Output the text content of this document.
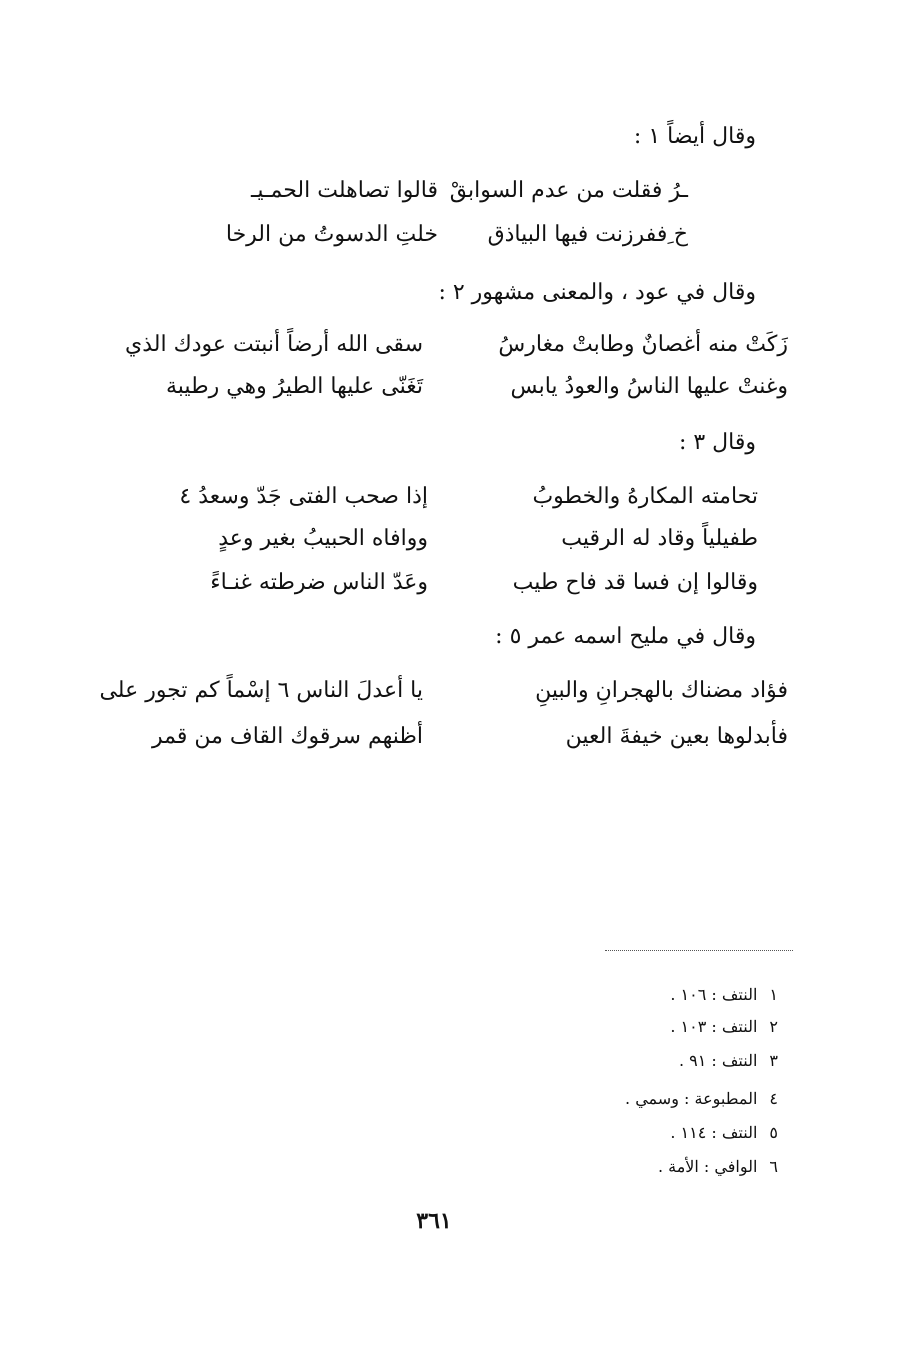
وقال أيضاً ١ :
قالوا تصاهلت الحمـيـ ـرُ فقلت من عدم السوابقْ
خلتِ الدسوتُ من الرخا خ ِففرزنت فيها البياذق
وقال في عود ، والمعنى مشهور ٢ :
سقى الله أرضاً أنبتت عودك الذي	زَكَتْ منه أغصانٌ وطابتْ مغارسُ
تَغَنّى عليها الطيرُ وهي رطيبة	وغنتْ عليها الناسُ والعودُ يابس
وقال ٣ :
إذا صحب الفتى جَدّ وسعدُ ٤	تحامته المكارهُ والخطوبُ
ووافاه الحبيبُ بغير وعدٍ	طفيلياً وقاد له الرقيب
وعَدّ الناس ضرطته غنـاءً	وقالوا إن فسا قد فاح طيب
وقال في مليح اسمه عمر ٥ :
يا أعدلَ الناس ٦ إسْماً كم تجور على	فؤاد مضناك بالهجرانِ والبينِ
أظنهم سرقوك القاف من قمر	فأبدلوها بعين خيفةَ العين
١النتف : ١٠٦ .
٢النتف : ١٠٣ .
٣النتف : ٩١ .
٤المطبوعة : وسمي .
٥النتف : ١١٤ .
٦الوافي : الأمة .
٣٦١
